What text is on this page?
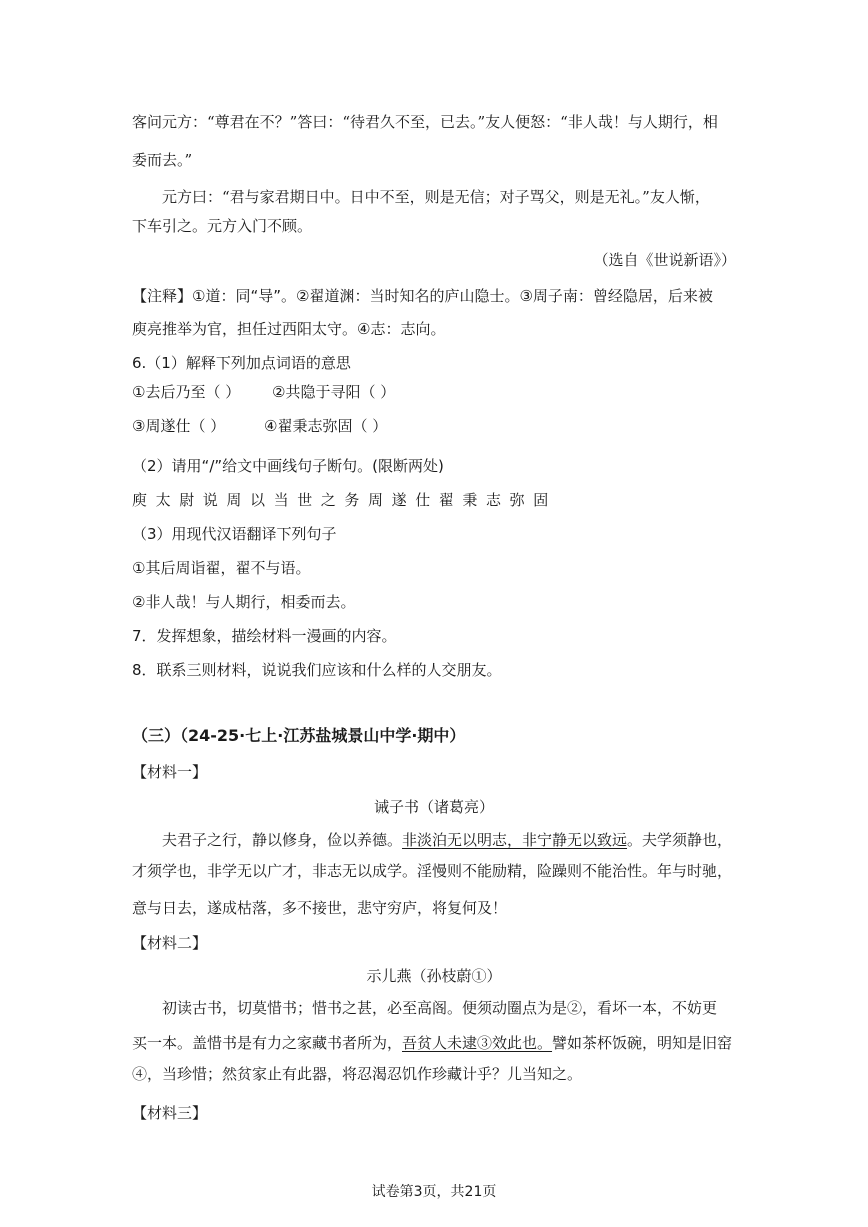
客问元方：“尊君在不？”答曰：“待君久不至，已去。”友人便怒：“非人哉！与人期行，相
委而去。”
元方曰：“君与家君期日中。日中不至，则是无信；对子骂父，则是无礼。”友人惭，
下车引之。元方入门不顾。
（选自《世说新语》）
【注释】①道：同“导”。②翟道渊：当时知名的庐山隐士。③周子南：曾经隐居，后来被
庾亮推举为官，担任过西阳太守。④志：志向。
6.（1）解释下列加点词语的意思
①去后乃至（ ） ②共隐于寻阳（ ）
③周遂仕（ ）	④翟秉志弥固（ ）
（2）请用“/”给文中画线句子断句。(限断两处)
庾太尉说周以当世之务周遂仕翟秉志弥固
（3）用现代汉语翻译下列句子
①其后周诣翟，翟不与语。
②非人哉！与人期行，相委而去。
7．发挥想象，描绘材料一漫画的内容。
8．联系三则材料，说说我们应该和什么样的人交朋友。
（三）（24-25·七上·江苏盐城景山中学·期中）
【材料一】
诫子书（诸葛亮）
夫君子之行，静以修身，俭以养德。非淡泊无以明志，非宁静无以致远。夫学须静也，
才须学也，非学无以广才，非志无以成学。淫慢则不能励精，险躁则不能治性。年与时驰，
意与日去，遂成枯落，多不接世，悲守穷庐，将复何及！
【材料二】
示儿燕（孙枝蔚①）
初读古书，切莫惜书；惜书之甚，必至高阁。便须动圈点为是②，看坏一本，不妨更
买一本。盖惜书是有力之家藏书者所为，吾贫人未逮③效此也。譬如茶杯饭碗，明知是旧窑
④，当珍惜；然贫家止有此器，将忍渴忍饥作珍藏计乎？儿当知之。
【材料三】
试卷第3页，共21页
